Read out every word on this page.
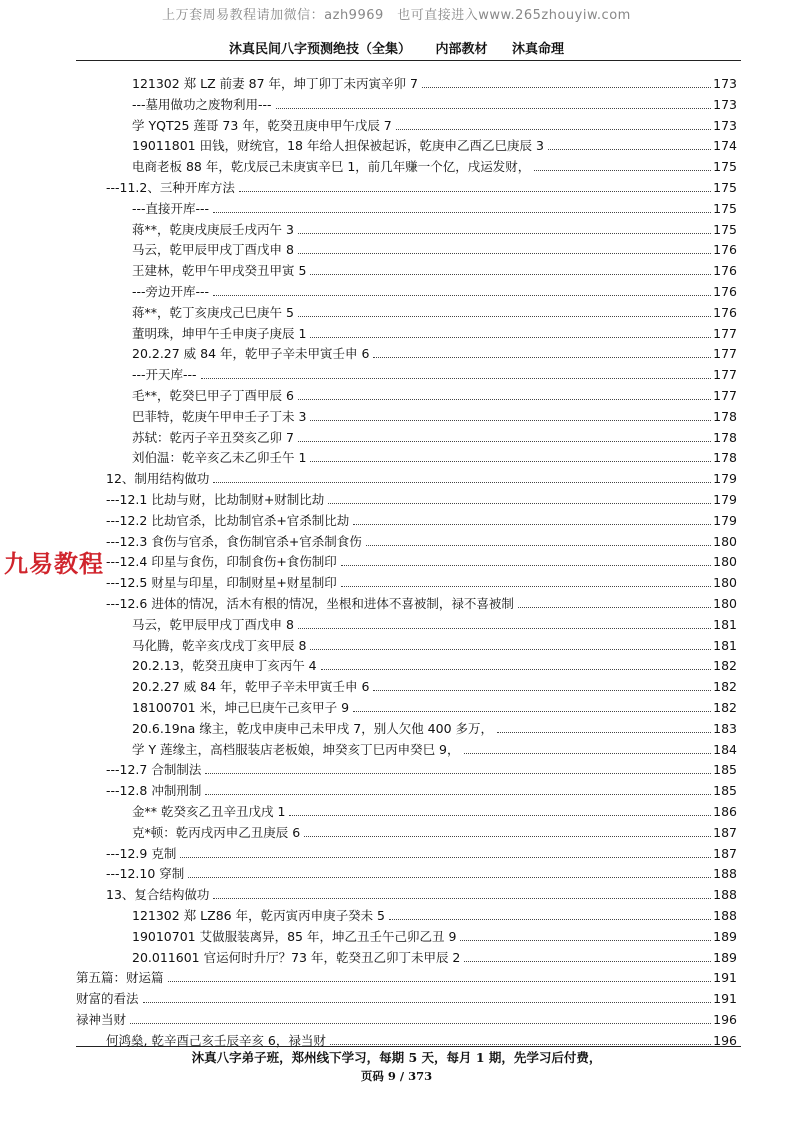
上万套周易教程请加微信：azh9969　也可直接进入www.265zhouyiw.com
沐真民间八字预测绝技（全集） 内部教材 沐真命理
121302 郑 LZ 前妻 87 年，坤丁卯丁未丙寅辛卯 7	173
---墓用做功之废物利用---	173
学 YQT25 莲哥 73 年，乾癸丑庚申甲午戊辰 7	173
19011801 田钱，财统官，18 年给人担保被起诉，乾庚申乙酉乙巳庚辰 3	174
电商老板 88 年，乾戊辰己未庚寅辛巳 1，前几年赚一个亿，戌运发财，	175
---11.2、三种开库方法	175
---直接开库---	175
蒋**，乾庚戌庚辰壬戌丙午 3	175
马云，乾甲辰甲戌丁酉戊申 8	176
王建林，乾甲午甲戌癸丑甲寅 5	176
---旁边开库---	176
蒋**，乾丁亥庚戌己巳庚午 5	176
董明珠，坤甲午壬申庚子庚辰 1	177
20.2.27 威 84 年，乾甲子辛未甲寅壬申 6	177
---开天库---	177
毛**，乾癸巳甲子丁酉甲辰 6	177
巴菲特，乾庚午甲申壬子丁未 3	178
苏轼：乾丙子辛丑癸亥乙卯 7	178
刘伯温：乾辛亥乙未乙卯壬午 1	178
12、制用结构做功	179
---12.1 比劫与财，比劫制财+财制比劫	179
---12.2 比劫官杀，比劫制官杀+官杀制比劫	179
---12.3 食伤与官杀，食伤制官杀+官杀制食伤	180
---12.4 印星与食伤，印制食伤+食伤制印	180
---12.5 财星与印星，印制财星+财星制印	180
---12.6 进体的情况，活木有根的情况，坐根和进体不喜被制，禄不喜被制	180
马云，乾甲辰甲戌丁酉戊申 8	181
马化腾，乾辛亥戊戌丁亥甲辰 8	181
20.2.13，乾癸丑庚申丁亥丙午 4	182
20.2.27 威 84 年，乾甲子辛未甲寅壬申 6	182
18100701 米，坤己巳庚午己亥甲子 9	182
20.6.19na 缘主，乾戊申庚申己未甲戌 7，别人欠他 400 多万，	183
学 Y 莲缘主，高档服装店老板娘，坤癸亥丁巳丙申癸巳 9，	184
---12.7 合制制法	185
---12.8 冲制刑制	185
金** 乾癸亥乙丑辛丑戊戌 1	186
克*顿：乾丙戌丙申乙丑庚辰 6	187
---12.9 克制	187
---12.10 穿制	188
13、复合结构做功	188
121302 郑 LZ86 年，乾丙寅丙申庚子癸未 5	188
19010701 艾做服装离异，85 年，坤乙丑壬午己卯乙丑 9	189
20.011601 官运何时升厅？73 年，乾癸丑乙卯丁未甲辰 2	189
第五篇：财运篇	191
财富的看法	191
禄神当财	196
何鸿燊, 乾辛酉己亥壬辰辛亥 6，禄当财	196
九易教程
沐真八字弟子班，郑州线下学习，每期 5 天，每月 1 期，先学习后付费，
页码 9 / 373
